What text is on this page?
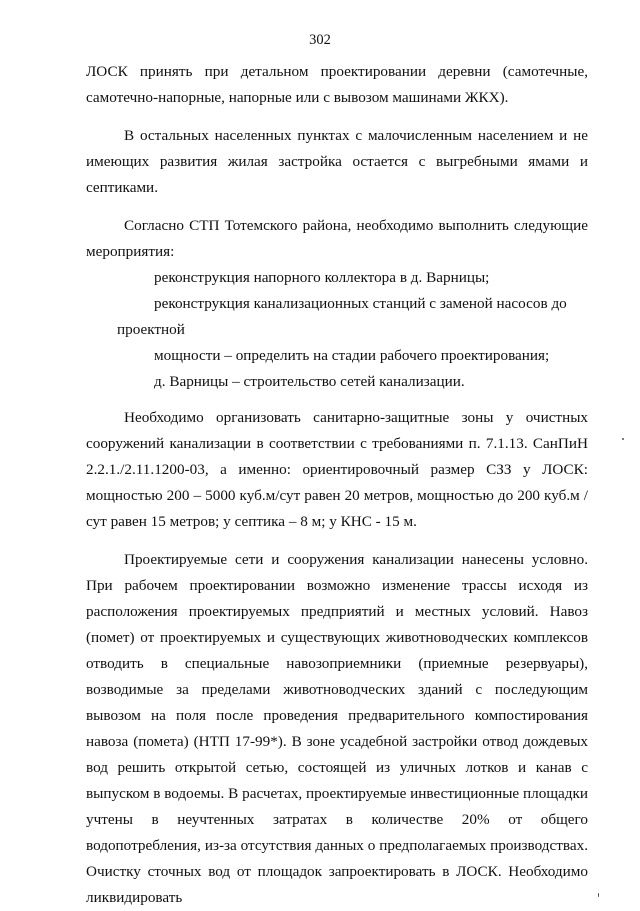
302

ЛОСК принять при детальном проектировании деревни (самотечные, самотечно-напорные, напорные или с вывозом машинами ЖКХ).

В остальных населенных пунктах с малочисленным населением и не имеющих развития жилая застройка остается с выгребными ямами и септиками.

Согласно СТП Тотемского района, необходимо выполнить следующие мероприятия:

реконструкция напорного коллектора в д. Варницы;
реконструкция канализационных станций с заменой насосов до
проектной
мощности – определить на стадии рабочего проектирования;
д. Варницы – строительство сетей канализации.

Необходимо организовать санитарно-защитные зоны у очистных сооружений канализации в соответствии с требованиями п. 7.1.13. СанПиН 2.2.1./2.11.1200-03, а именно: ориентировочный размер СЗЗ у ЛОСК: мощностью 200 – 5000 куб.м/сут равен 20 метров, мощностью до 200 куб.м /сут равен 15 метров; у септика – 8 м; у КНС - 15 м.

Проектируемые сети и сооружения канализации нанесены условно. При рабочем проектировании возможно изменение трассы исходя из расположения проектируемых предприятий и местных условий. Навоз (помет) от проектируемых и существующих животноводческих комплексов отводить в специальные навозоприемники (приемные резервуары), возводимые за пределами животноводческих зданий с последующим вывозом на поля после проведения предварительного компостирования навоза (помета) (НТП 17-99*). В зоне усадебной застройки отвод дождевых вод решить открытой сетью, состоящей из уличных лотков и канав с выпуском в водоемы. В расчетах, проектируемые инвестиционные площадки учтены в неучтенных затратах в количестве 20% от общего водопотребления, из-за отсутствия данных о предполагаемых производствах. Очистку сточных вод от площадок запроектировать в ЛОСК. Необходимо ликвидировать
